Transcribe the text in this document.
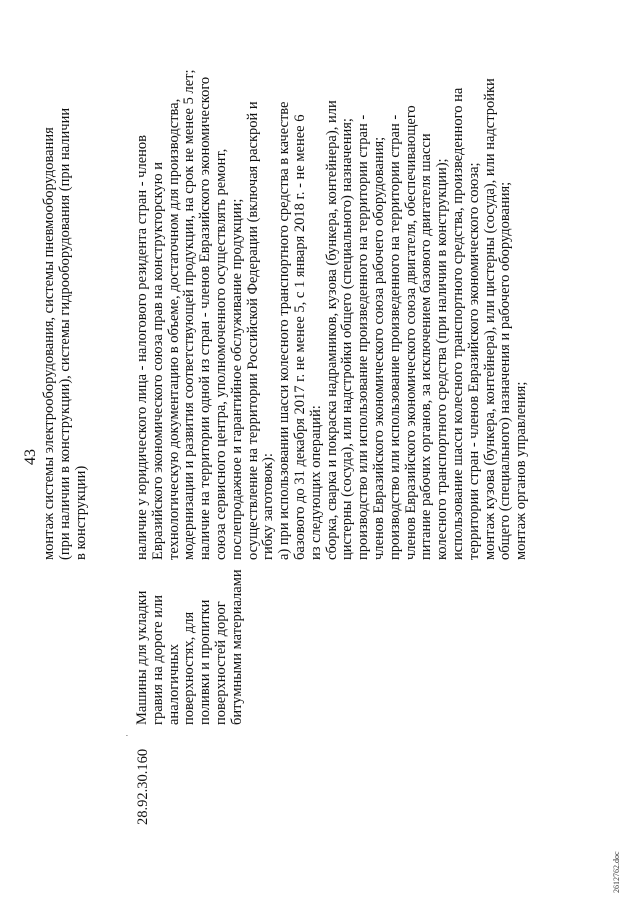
43 монтаж системы электрооборудования, системы пневмооборудования (при наличии в конструкции), системы гидрооборудования (при наличии в конструкции)
·
28.92.30.160
Машины для укладки гравия на дороге или аналогичных поверхностях, для поливки и пропитки поверхностей дорог битумными материалами
наличие у юридического лица - налогового резидента стран - членов Евразийского экономического союза прав на конструкторскую и технологическую документацию в объеме, достаточном для производства, модернизации и развития соответствующей продукции, на срок не менее 5 лет; наличие на территории одной из стран - членов Евразийского экономического союза сервисного центра, уполномоченного осуществлять ремонт, послепродажное и гарантийное обслуживание продукции; осуществление на территории Российской Федерации (включая раскрой и гибку заготовок): а) при использовании шасси колесного транспортного средства в качестве базового до 31 декабря 2017 г. не менее 5, с 1 января 2018 г. - не менее 6 из следующих операций: сборка, сварка и покраска надрамников, кузова (бункера, контейнера), или цистерны (сосуда), или надстройки общего (специального) назначения; производство или использование произведенного на территории стран - членов Евразийского экономического союза рабочего оборудования; производство или использование произведенного на территории стран - членов Евразийского экономического союза двигателя, обеспечивающего питание рабочих органов, за исключением базового двигателя шасси колесного транспортного средства (при наличии в конструкции); использование шасси колесного транспортного средства, произведенного на территории стран - членов Евразийского экономического союза; монтаж кузова (бункера, контейнера), или цистерны (сосуда), или надстройки общего (специального) назначения и рабочего оборудования; монтаж органов управления;
2612762.doc
